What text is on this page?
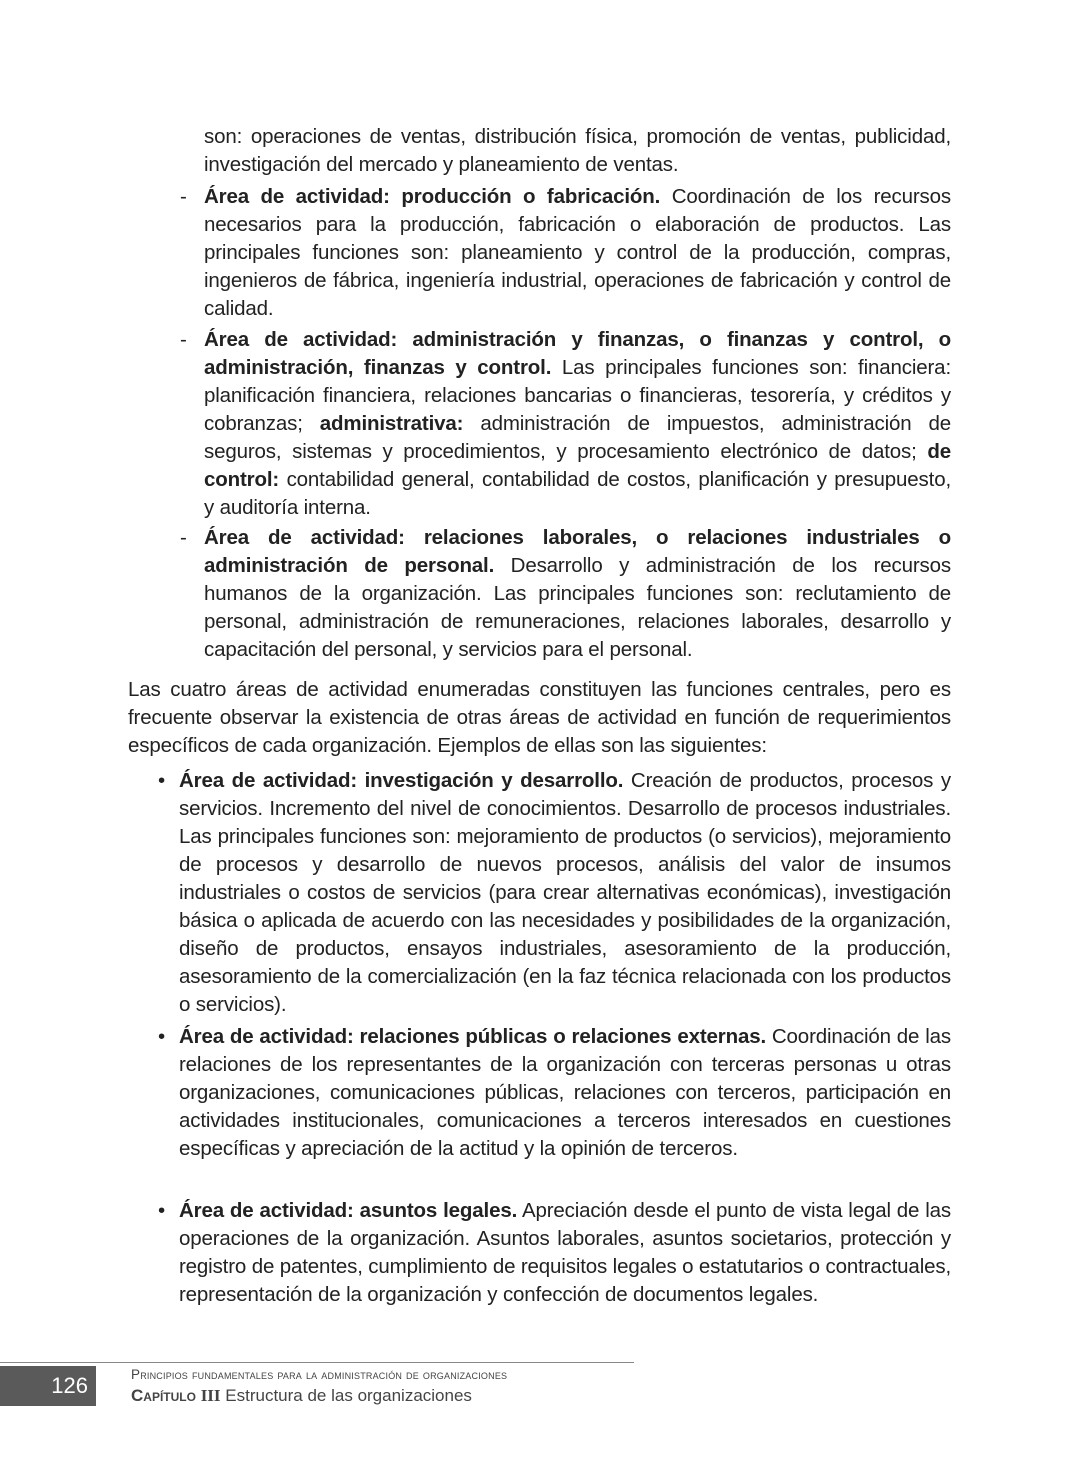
son: operaciones de ventas, distribución física, promoción de ventas, publicidad, investigación del mercado y planeamiento de ventas.
- Área de actividad: producción o fabricación. Coordinación de los recursos necesarios para la producción, fabricación o elaboración de productos. Las principales funciones son: planeamiento y control de la producción, compras, ingenieros de fábrica, ingeniería industrial, operaciones de fabricación y control de calidad.
- Área de actividad: administración y finanzas, o finanzas y control, o administración, finanzas y control. Las principales funciones son: financiera: planificación financiera, relaciones bancarias o financieras, tesorería, y créditos y cobranzas; administrativa: administración de impuestos, administración de seguros, sistemas y procedimientos, y procesamiento electrónico de datos; de control: contabilidad general, contabilidad de costos, planificación y presupuesto, y auditoría interna.
- Área de actividad: relaciones laborales, o relaciones industriales o administración de personal. Desarrollo y administración de los recursos humanos de la organización. Las principales funciones son: reclutamiento de personal, administración de remuneraciones, relaciones laborales, desarrollo y capacitación del personal, y servicios para el personal.
Las cuatro áreas de actividad enumeradas constituyen las funciones centrales, pero es frecuente observar la existencia de otras áreas de actividad en función de requerimientos específicos de cada organización. Ejemplos de ellas son las siguientes:
• Área de actividad: investigación y desarrollo. Creación de productos, procesos y servicios. Incremento del nivel de conocimientos. Desarrollo de procesos industriales. Las principales funciones son: mejoramiento de productos (o servicios), mejoramiento de procesos y desarrollo de nuevos procesos, análisis del valor de insumos industriales o costos de servicios (para crear alternativas económicas), investigación básica o aplicada de acuerdo con las necesidades y posibilidades de la organización, diseño de productos, ensayos industriales, asesoramiento de la producción, asesoramiento de la comercialización (en la faz técnica relacionada con los productos o servicios).
• Área de actividad: relaciones públicas o relaciones externas. Coordinación de las relaciones de los representantes de la organización con terceras personas u otras organizaciones, comunicaciones públicas, relaciones con terceros, participación en actividades institucionales, comunicaciones a terceros interesados en cuestiones específicas y apreciación de la actitud y la opinión de terceros.
• Área de actividad: asuntos legales. Apreciación desde el punto de vista legal de las operaciones de la organización. Asuntos laborales, asuntos societarios, protección y registro de patentes, cumplimiento de requisitos legales o estatutarios o contractuales, representación de la organización y confección de documentos legales.
126	Principios fundamentales para la administración de organizaciones
Capítulo III Estructura de las organizaciones
